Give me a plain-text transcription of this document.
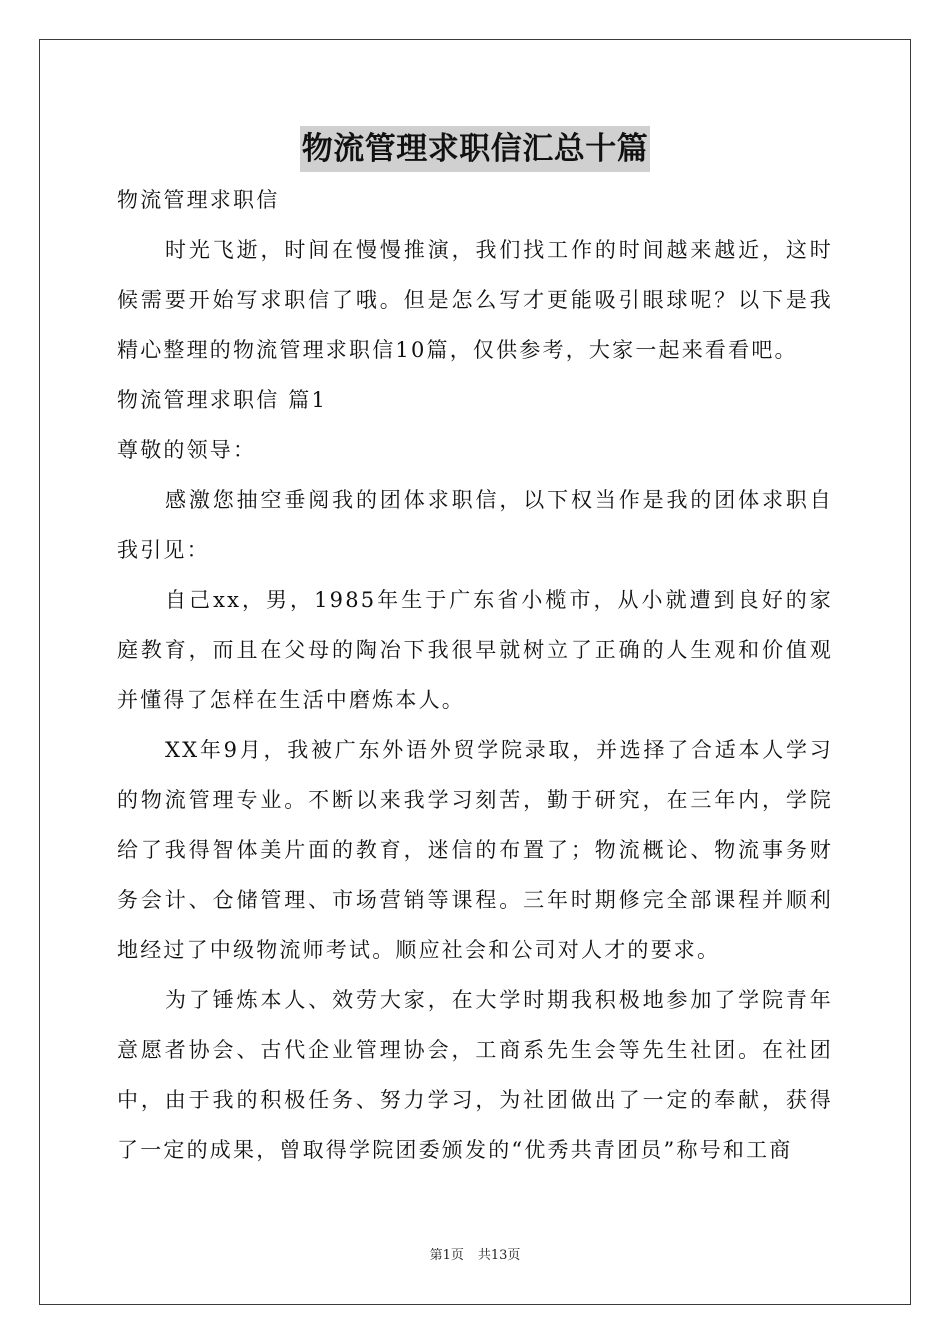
物流管理求职信汇总十篇

物流管理求职信

时光飞逝，时间在慢慢推演，我们找工作的时间越来越近，这时候需要开始写求职信了哦。但是怎么写才更能吸引眼球呢？以下是我精心整理的物流管理求职信10篇，仅供参考，大家一起来看看吧。

物流管理求职信 篇1

尊敬的领导：

感激您抽空垂阅我的团体求职信，以下权当作是我的团体求职自我引见：

自己xx，男，1985年生于广东省小榄市，从小就遭到良好的家庭教育，而且在父母的陶冶下我很早就树立了正确的人生观和价值观并懂得了怎样在生活中磨炼本人。

XX年9月，我被广东外语外贸学院录取，并选择了合适本人学习的物流管理专业。不断以来我学习刻苦，勤于研究，在三年内，学院给了我得智体美片面的教育，迷信的布置了；物流概论、物流事务财务会计、仓储管理、市场营销等课程。三年时期修完全部课程并顺利地经过了中级物流师考试。顺应社会和公司对人才的要求。

为了锤炼本人、效劳大家，在大学时期我积极地参加了学院青年意愿者协会、古代企业管理协会，工商系先生会等先生社团。在社团中，由于我的积极任务、努力学习，为社团做出了一定的奉献，获得了一定的成果，曾取得学院团委颁发的“优秀共青团员”称号和工商

第1页 共13页
